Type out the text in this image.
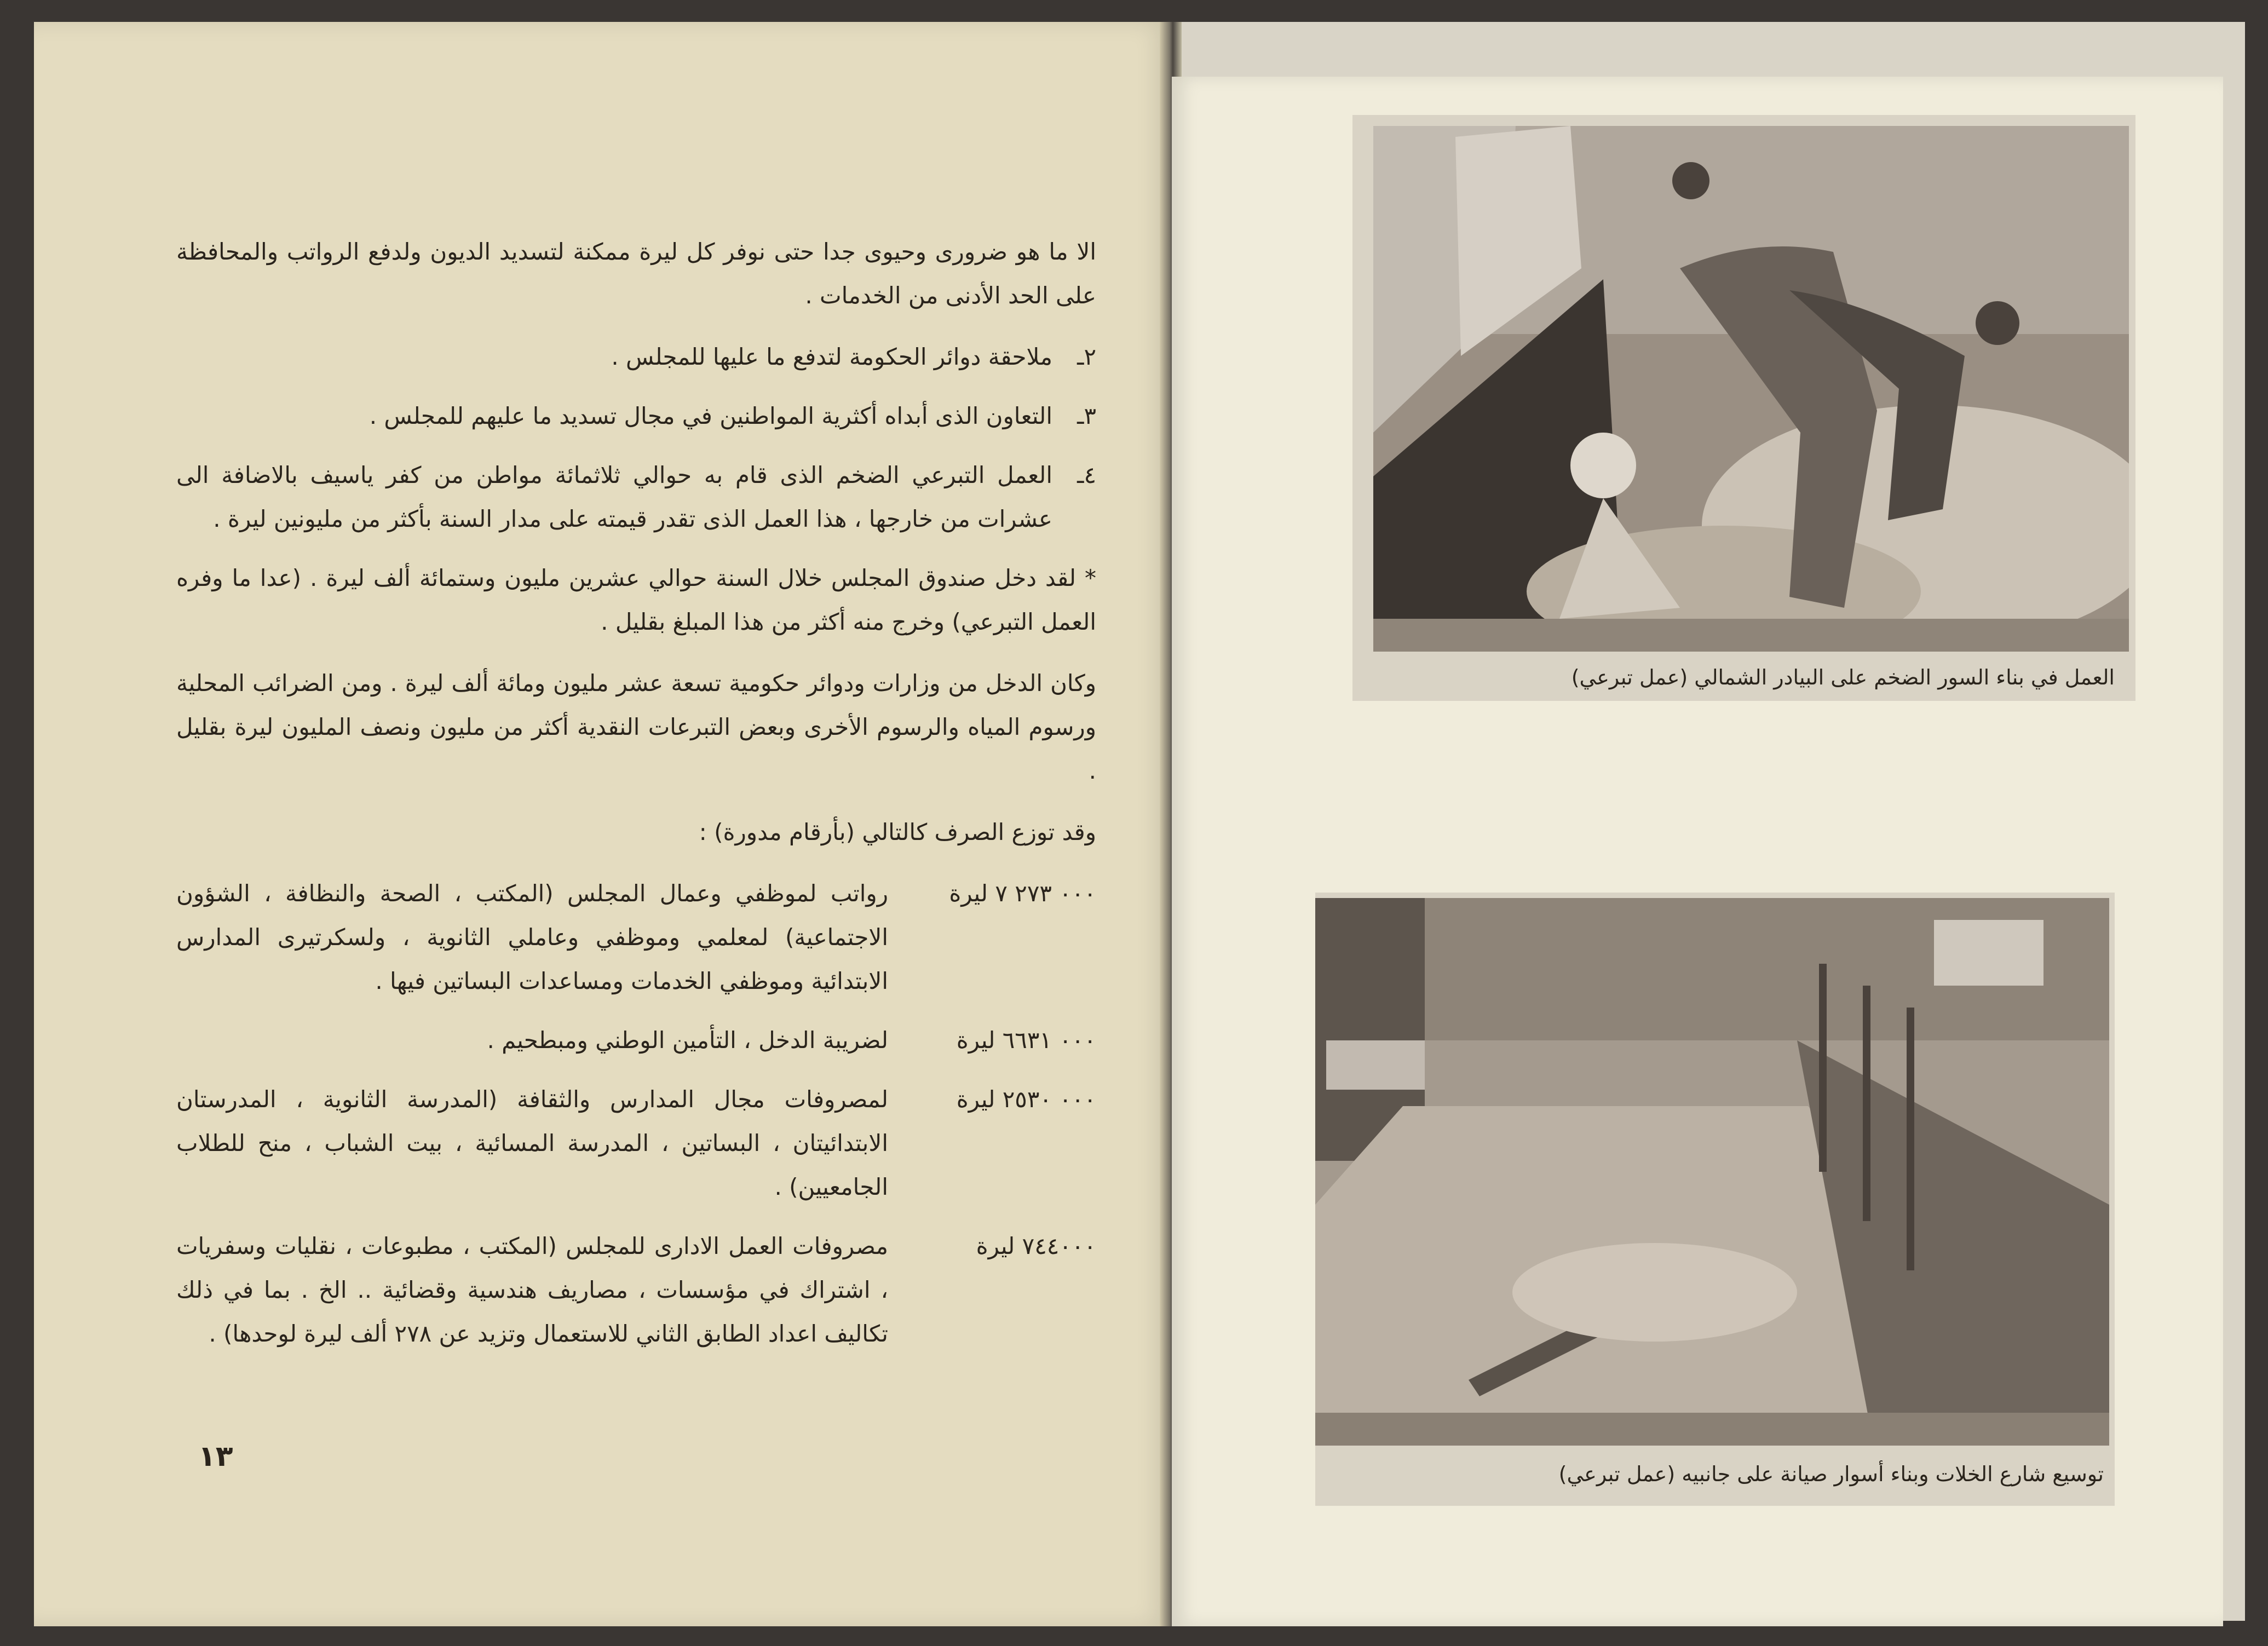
الا ما هو ضرورى وحيوى جدا حتى نوفر كل ليرة ممكنة لتسديد الديون ولدفع الرواتب والمحافظة على الحد الأدنى من الخدمات .

٢ـ
ملاحقة دوائر الحكومة لتدفع ما عليها للمجلس .
٣ـ
التعاون الذى أبداه أكثرية المواطنين في مجال تسديد ما عليهم للمجلس .
٤ـ
العمل التبرعي الضخم الذى قام به حوالي ثلاثمائة مواطن من كفر ياسيف بالاضافة الى عشرات من خارجها ، هذا العمل الذى تقدر قيمته على مدار السنة بأكثر من مليونين ليرة .

* لقد دخل صندوق المجلس خلال السنة حوالي عشرين مليون وستمائة ألف ليرة . (عدا ما وفره العمل التبرعي) وخرج منه أكثر من هذا المبلغ بقليل .

وكان الدخل من وزارات ودوائر حكومية تسعة عشر مليون ومائة ألف ليرة . ومن الضرائب المحلية ورسوم المياه والرسوم الأخرى وبعض التبرعات النقدية أكثر من مليون ونصف المليون ليرة بقليل .

وقد توزع الصرف كالتالي (بأرقام مدورة) :

٠٠٠ ٢٧٣ ٧ ليرة
رواتب لموظفي وعمال المجلس (المكتب ، الصحة والنظافة ، الشؤون الاجتماعية) لمعلمي وموظفي وعاملي الثانوية ، ولسكرتيرى المدارس الابتدائية وموظفي الخدمات ومساعدات البساتين فيها .
٠٠٠ ٦٦٣١ ليرة
لضريبة الدخل ، التأمين الوطني ومبطحيم .
٠٠٠ ٢٥٣٠ ليرة
لمصروفات مجال المدارس والثقافة (المدرسة الثانوية ، المدرستان الابتدائيتان ، البساتين ، المدرسة المسائية ، بيت الشباب ، منح للطلاب الجامعيين) .
٧٤٤٠٠٠ ليرة
مصروفات العمل الادارى للمجلس (المكتب ، مطبوعات ، نقليات وسفريات ، اشتراك في مؤسسات ، مصاريف هندسية وقضائية .. الخ . بما في ذلك تكاليف اعداد الطابق الثاني للاستعمال وتزيد عن ٢٧٨ ألف ليرة لوحدها) .
١٣
العمل في بناء السور الضخم على البيادر الشمالي (عمل تبرعي)
توسيع شارع الخلات وبناء أسوار صيانة على جانبيه (عمل تبرعي)
